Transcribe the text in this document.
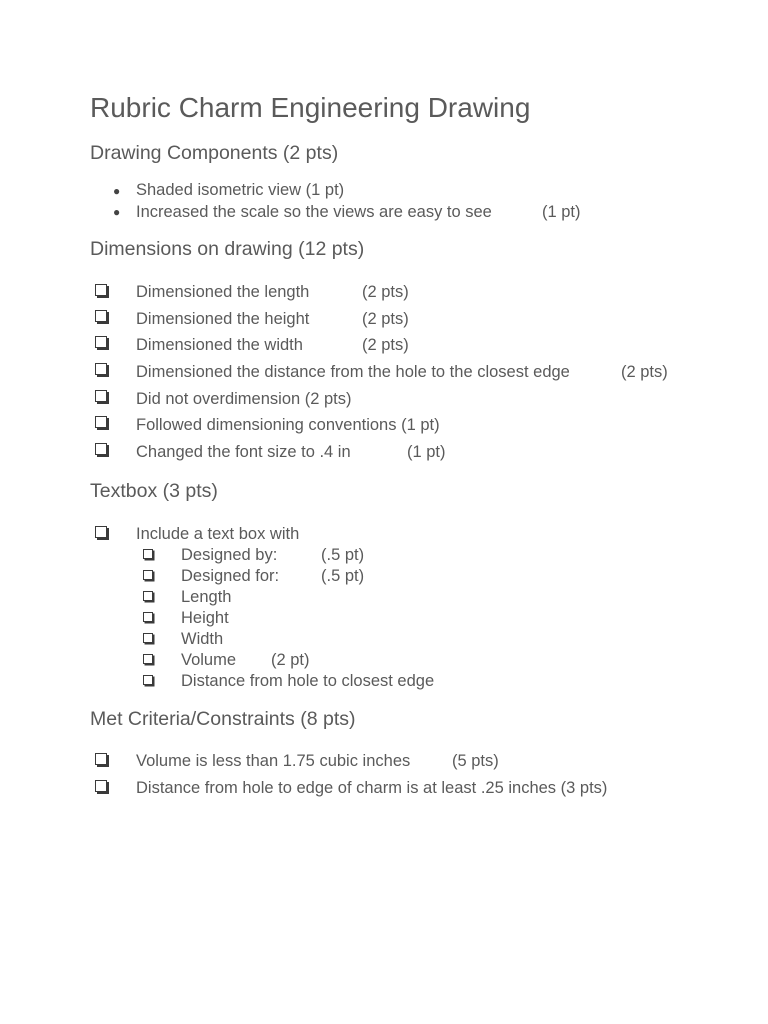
Rubric Charm Engineering Drawing
Drawing Components (2 pts)
● Shaded isometric view (1 pt)
● Increased the scale so the views are easy to see	(1 pt)
Dimensions on drawing (12 pts)
Dimensioned the length	(2 pts)
Dimensioned the height	(2 pts)
Dimensioned the width	(2 pts)
Dimensioned the distance from the hole to the closest edge	(2 pts)
Did not overdimension (2 pts)
Followed dimensioning conventions (1 pt)
Changed the font size to .4 in	(1 pt)
Textbox (3 pts)
Include a text box with
Designed by:	(.5 pt)
Designed for:	(.5 pt)
Length
Height
Width
Volume (2 pt)
Distance from hole to closest edge
Met Criteria/Constraints (8 pts)
Volume is less than 1.75 cubic inches	(5 pts)
Distance from hole to edge of charm is at least .25 inches (3 pts)
